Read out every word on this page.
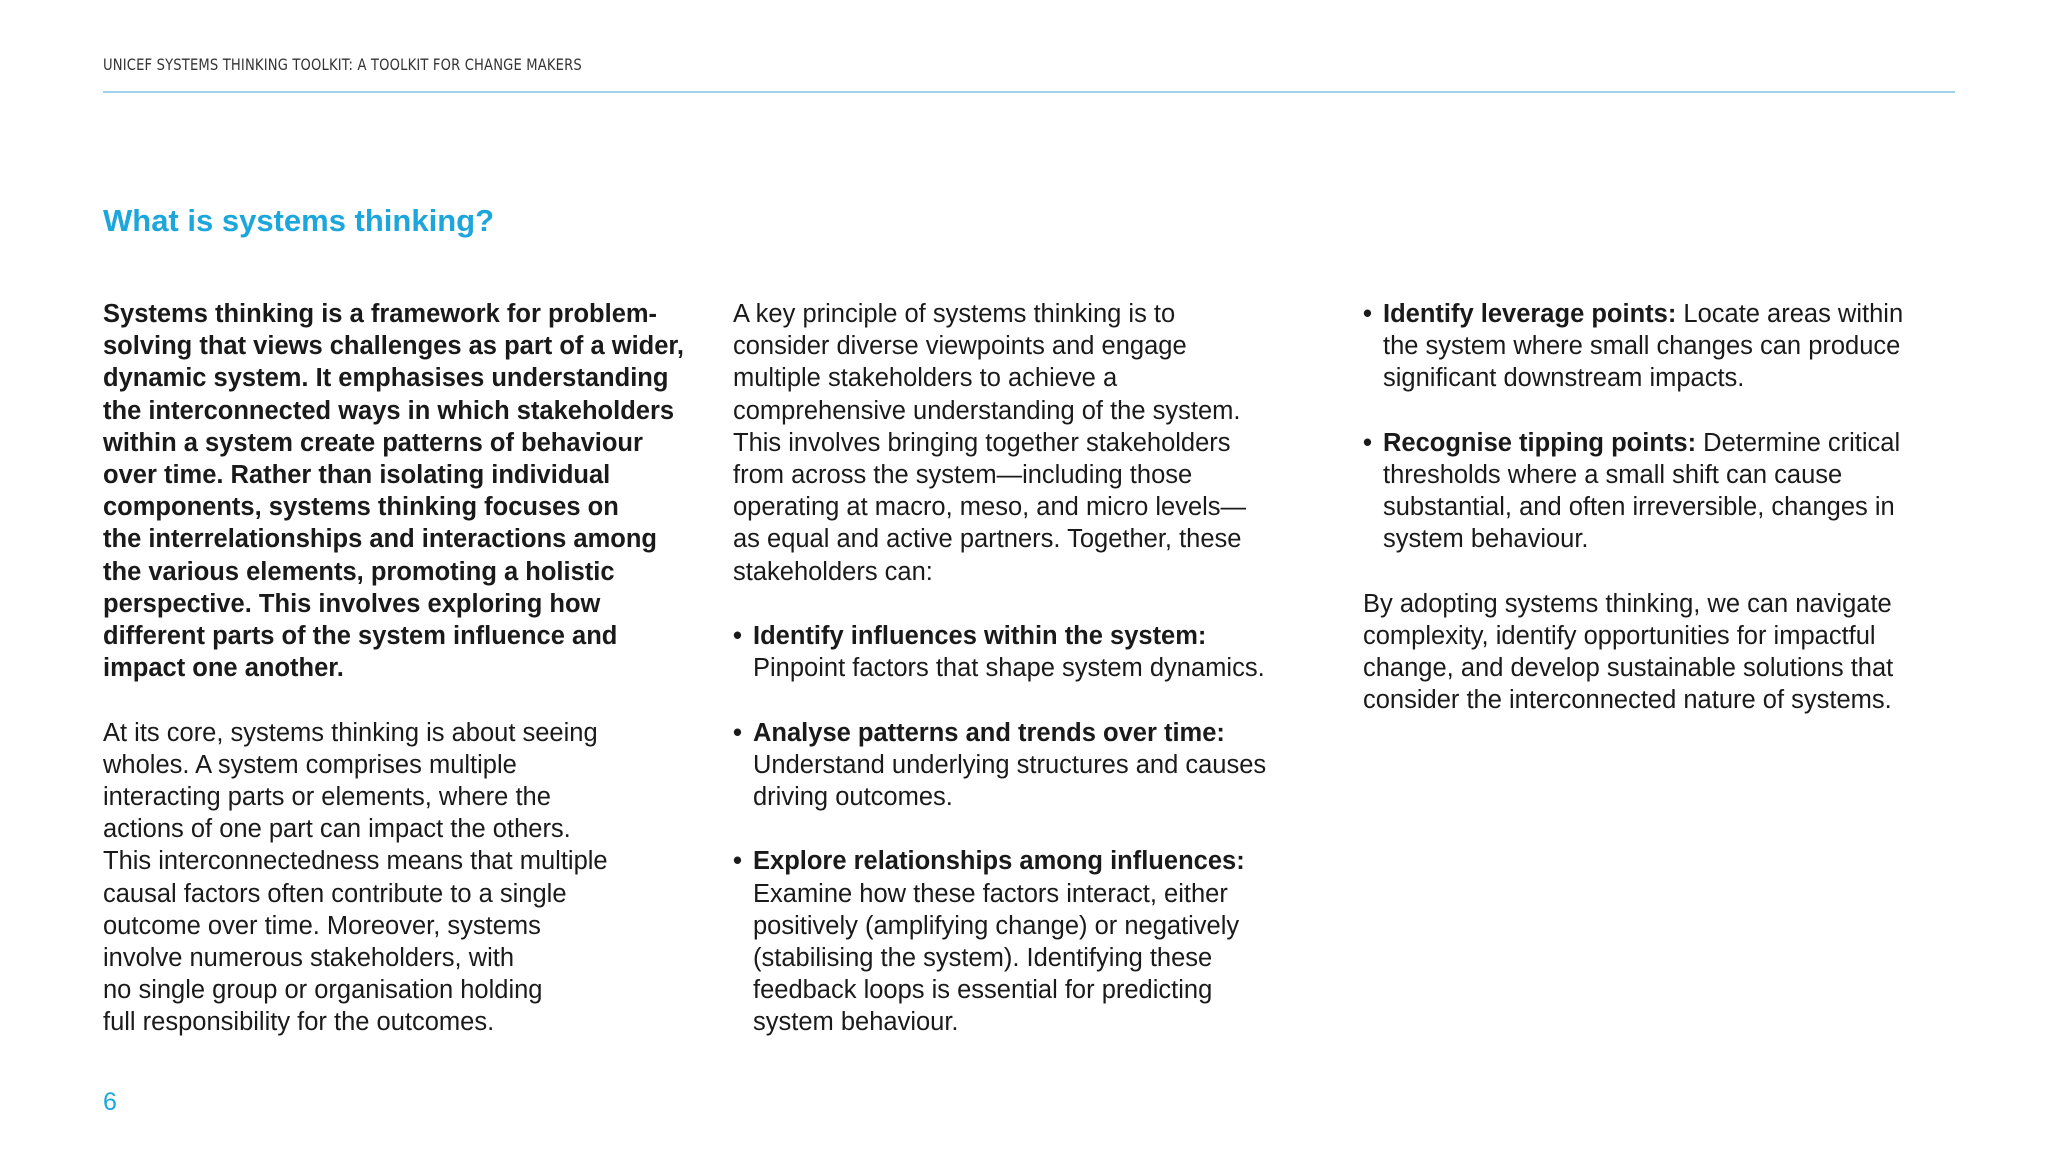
UNICEF SYSTEMS THINKING TOOLKIT: A TOOLKIT FOR CHANGE MAKERS
What is systems thinking?

Systems thinking is a framework for problem-
solving that views challenges as part of a wider,
dynamic system. It emphasises understanding
the interconnected ways in which stakeholders
within a system create patterns of behaviour
over time. Rather than isolating individual
components, systems thinking focuses on
the interrelationships and interactions among
the various elements, promoting a holistic
perspective. This involves exploring how
different parts of the system influence and
impact one another.

At its core, systems thinking is about seeing
wholes. A system comprises multiple
interacting parts or elements, where the
actions of one part can impact the others.
This interconnectedness means that multiple
causal factors often contribute to a single
outcome over time. Moreover, systems
involve numerous stakeholders, with
no single group or organisation holding
full responsibility for the outcomes.

A key principle of systems thinking is to
consider diverse viewpoints and engage
multiple stakeholders to achieve a
comprehensive understanding of the system.
This involves bringing together stakeholders
from across the system—including those
operating at macro, meso, and micro levels—
as equal and active partners. Together, these
stakeholders can:

• Identify influences within the system:
Pinpoint factors that shape system dynamics.
• Analyse patterns and trends over time:
Understand underlying structures and causes
driving outcomes.
• Explore relationships among influences:
Examine how these factors interact, either
positively (amplifying change) or negatively
(stabilising the system). Identifying these
feedback loops is essential for predicting
system behaviour.
• Identify leverage points: Locate areas within
the system where small changes can produce
significant downstream impacts.
• Recognise tipping points: Determine critical
thresholds where a small shift can cause
substantial, and often irreversible, changes in
system behaviour.

By adopting systems thinking, we can navigate
complexity, identify opportunities for impactful
change, and develop sustainable solutions that
consider the interconnected nature of systems.

6
